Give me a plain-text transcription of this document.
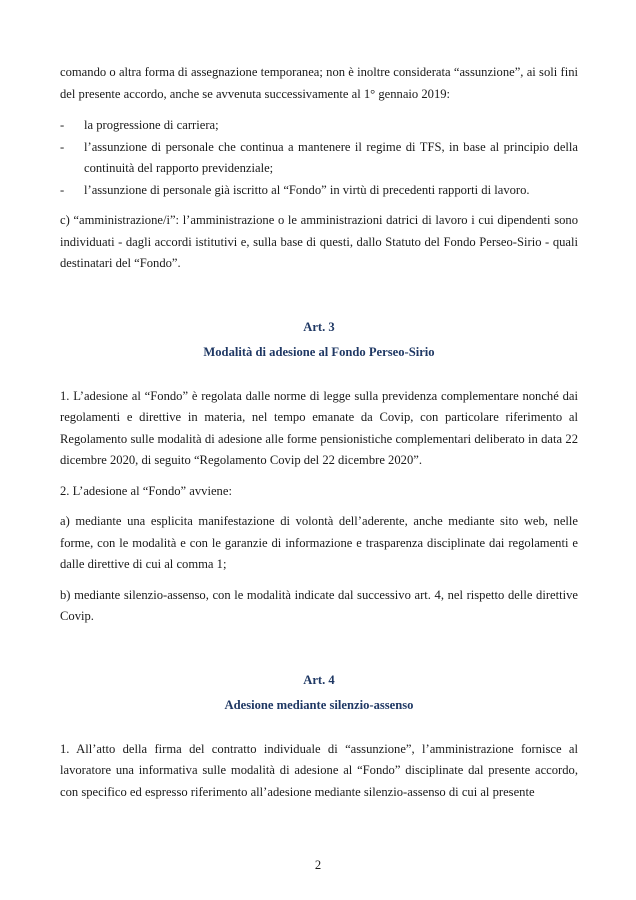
comando o altra forma di assegnazione temporanea; non è inoltre considerata “assunzione”, ai soli fini del presente accordo, anche se avvenuta successivamente al 1° gennaio 2019:

- la progressione di carriera;
- l’assunzione di personale che continua a mantenere il regime di TFS, in base al principio della continuità del rapporto previdenziale;
- l’assunzione di personale già iscritto al “Fondo” in virtù di precedenti rapporti di lavoro.

c) “amministrazione/i”: l’amministrazione o le amministrazioni datrici di lavoro i cui dipendenti sono individuati - dagli accordi istitutivi e, sulla base di questi, dallo Statuto del Fondo Perseo-Sirio - quali destinatari del “Fondo”.

Art. 3
Modalità di adesione al Fondo Perseo-Sirio

1. L’adesione al “Fondo” è regolata dalle norme di legge sulla previdenza complementare nonché dai regolamenti e direttive in materia, nel tempo emanate da Covip, con particolare riferimento al Regolamento sulle modalità di adesione alle forme pensionistiche complementari deliberato in data 22 dicembre 2020, di seguito “Regolamento Covip del 22 dicembre 2020”.

2. L’adesione al “Fondo” avviene:

a) mediante una esplicita manifestazione di volontà dell’aderente, anche mediante sito web, nelle forme, con le modalità e con le garanzie di informazione e trasparenza disciplinate dai regolamenti e dalle direttive di cui al comma 1;

b) mediante silenzio-assenso, con le modalità indicate dal successivo art. 4, nel rispetto delle direttive Covip.

Art. 4
Adesione mediante silenzio-assenso

1. All’atto della firma del contratto individuale di “assunzione”, l’amministrazione fornisce al lavoratore una informativa sulle modalità di adesione al “Fondo” disciplinate dal presente accordo, con specifico ed espresso riferimento all’adesione mediante silenzio-assenso di cui al presente

2
